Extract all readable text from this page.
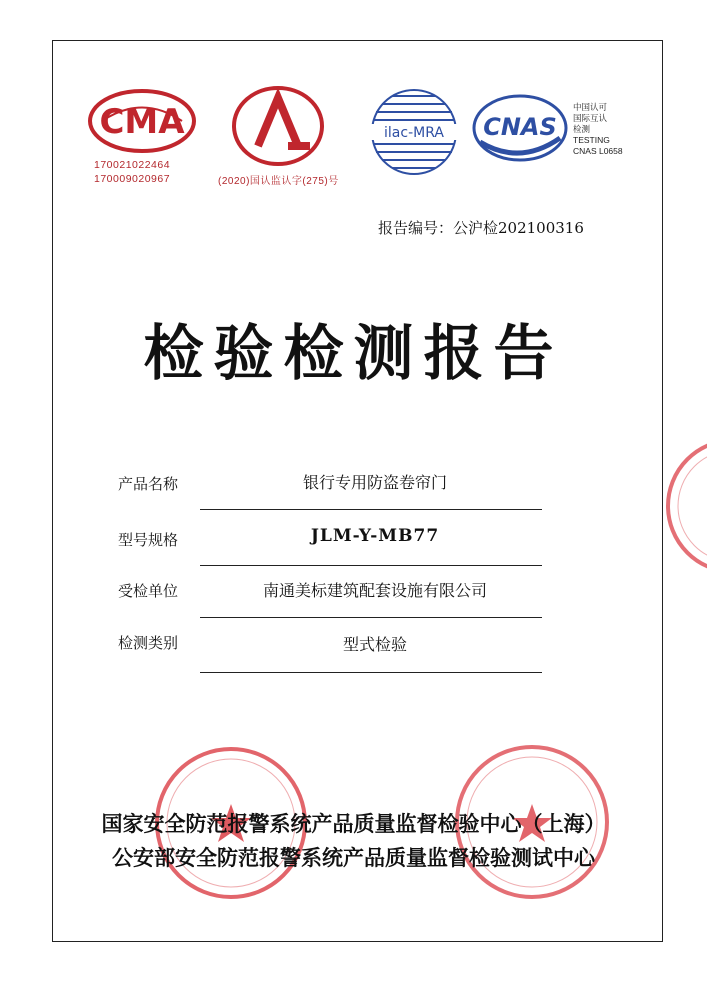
CMA
170021022464
170009020967
CAL
(2020)国认监认字(275)号
ilac-MRA CNAS
中国认可
国际互认
检测
TESTING
CNAS L0658
报告编号：公沪检202100316
检验检测报告
产品名称	银行专用防盗卷帘门
型号规格	JLM-Y-MB77
受检单位	南通美标建筑配套设施有限公司
检测类别	型式检验
国家安全防范报警系统产品质量监督检验中心（上海）
公安部安全防范报警系统产品质量监督检验测试中心
